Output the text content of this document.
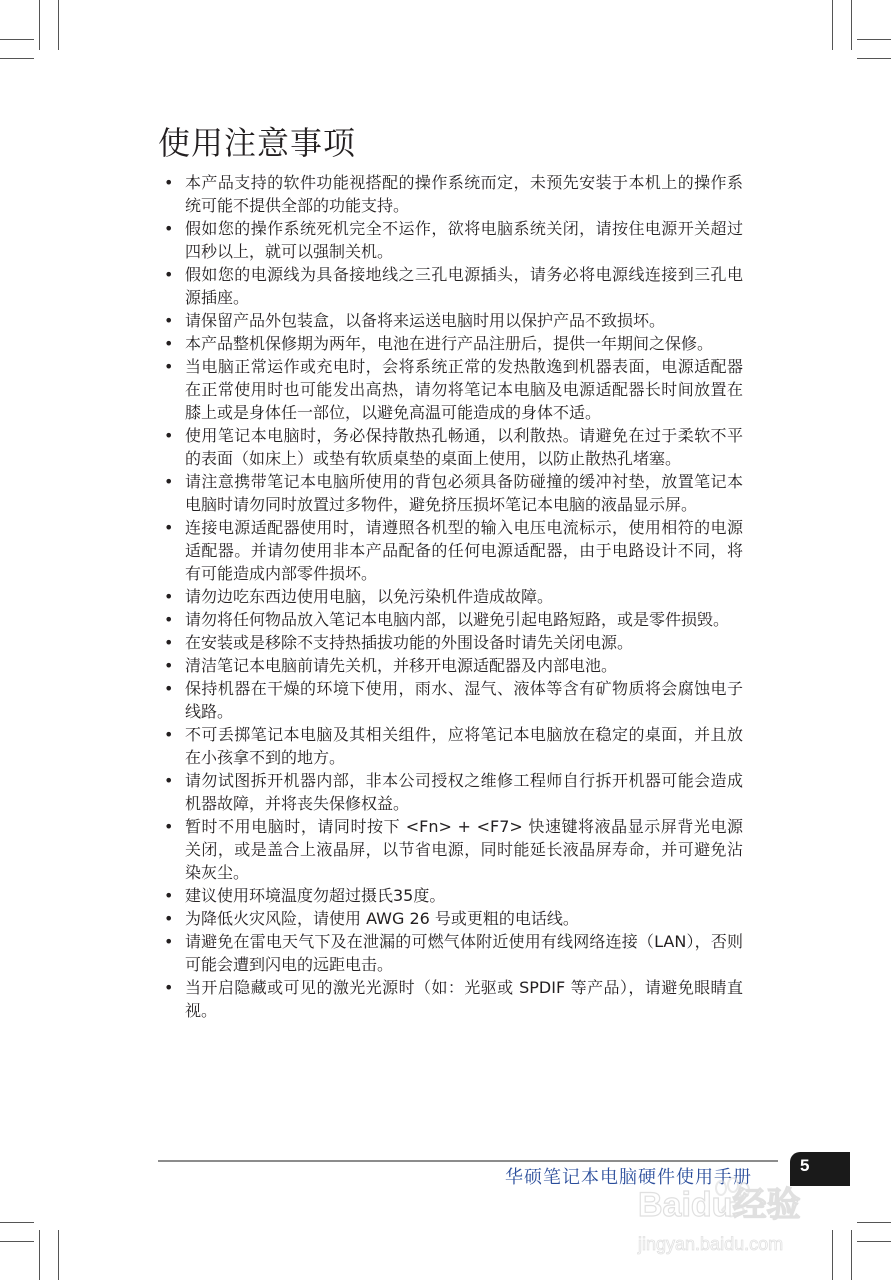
使用注意事项
• 本产品支持的软件功能视搭配的操作系统而定，未预先安装于本机上的操作系统可能不提供全部的功能支持。
• 假如您的操作系统死机完全不运作，欲将电脑系统关闭，请按住电源开关超过四秒以上，就可以强制关机。
• 假如您的电源线为具备接地线之三孔电源插头，请务必将电源线连接到三孔电源插座。
• 请保留产品外包装盒，以备将来运送电脑时用以保护产品不致损坏。
• 本产品整机保修期为两年，电池在进行产品注册后，提供一年期间之保修。
• 当电脑正常运作或充电时，会将系统正常的发热散逸到机器表面，电源适配器在正常使用时也可能发出高热，请勿将笔记本电脑及电源适配器长时间放置在膝上或是身体任一部位，以避免高温可能造成的身体不适。
• 使用笔记本电脑时，务必保持散热孔畅通，以利散热。请避免在过于柔软不平的表面（如床上）或垫有软质桌垫的桌面上使用，以防止散热孔堵塞。
• 请注意携带笔记本电脑所使用的背包必须具备防碰撞的缓冲衬垫，放置笔记本电脑时请勿同时放置过多物件，避免挤压损坏笔记本电脑的液晶显示屏。
• 连接电源适配器使用时，请遵照各机型的输入电压电流标示，使用相符的电源适配器。并请勿使用非本产品配备的任何电源适配器，由于电路设计不同，将有可能造成内部零件损坏。
• 请勿边吃东西边使用电脑，以免污染机件造成故障。
• 请勿将任何物品放入笔记本电脑内部，以避免引起电路短路，或是零件损毁。
• 在安装或是移除不支持热插拔功能的外围设备时请先关闭电源。
• 清洁笔记本电脑前请先关机，并移开电源适配器及内部电池。
• 保持机器在干燥的环境下使用，雨水、湿气、液体等含有矿物质将会腐蚀电子线路。
• 不可丢掷笔记本电脑及其相关组件，应将笔记本电脑放在稳定的桌面，并且放在小孩拿不到的地方。
• 请勿试图拆开机器内部，非本公司授权之维修工程师自行拆开机器可能会造成机器故障，并将丧失保修权益。
• 暂时不用电脑时，请同时按下 <Fn> + <F7> 快速键将液晶显示屏背光电源关闭，或是盖合上液晶屏，以节省电源，同时能延长液晶屏寿命，并可避免沾染灰尘。
• 建议使用环境温度勿超过摄氏35度。
• 为降低火灾风险，请使用 AWG 26 号或更粗的电话线。
• 请避免在雷电天气下及在泄漏的可燃气体附近使用有线网络连接（LAN），否则可能会遭到闪电的远距电击。
• 当开启隐藏或可见的激光光源时（如：光驱或 SPDIF 等产品），请避免眼睛直视。
华硕笔记本电脑硬件使用手册
5
Baidu经验
jingyan.baidu.com
